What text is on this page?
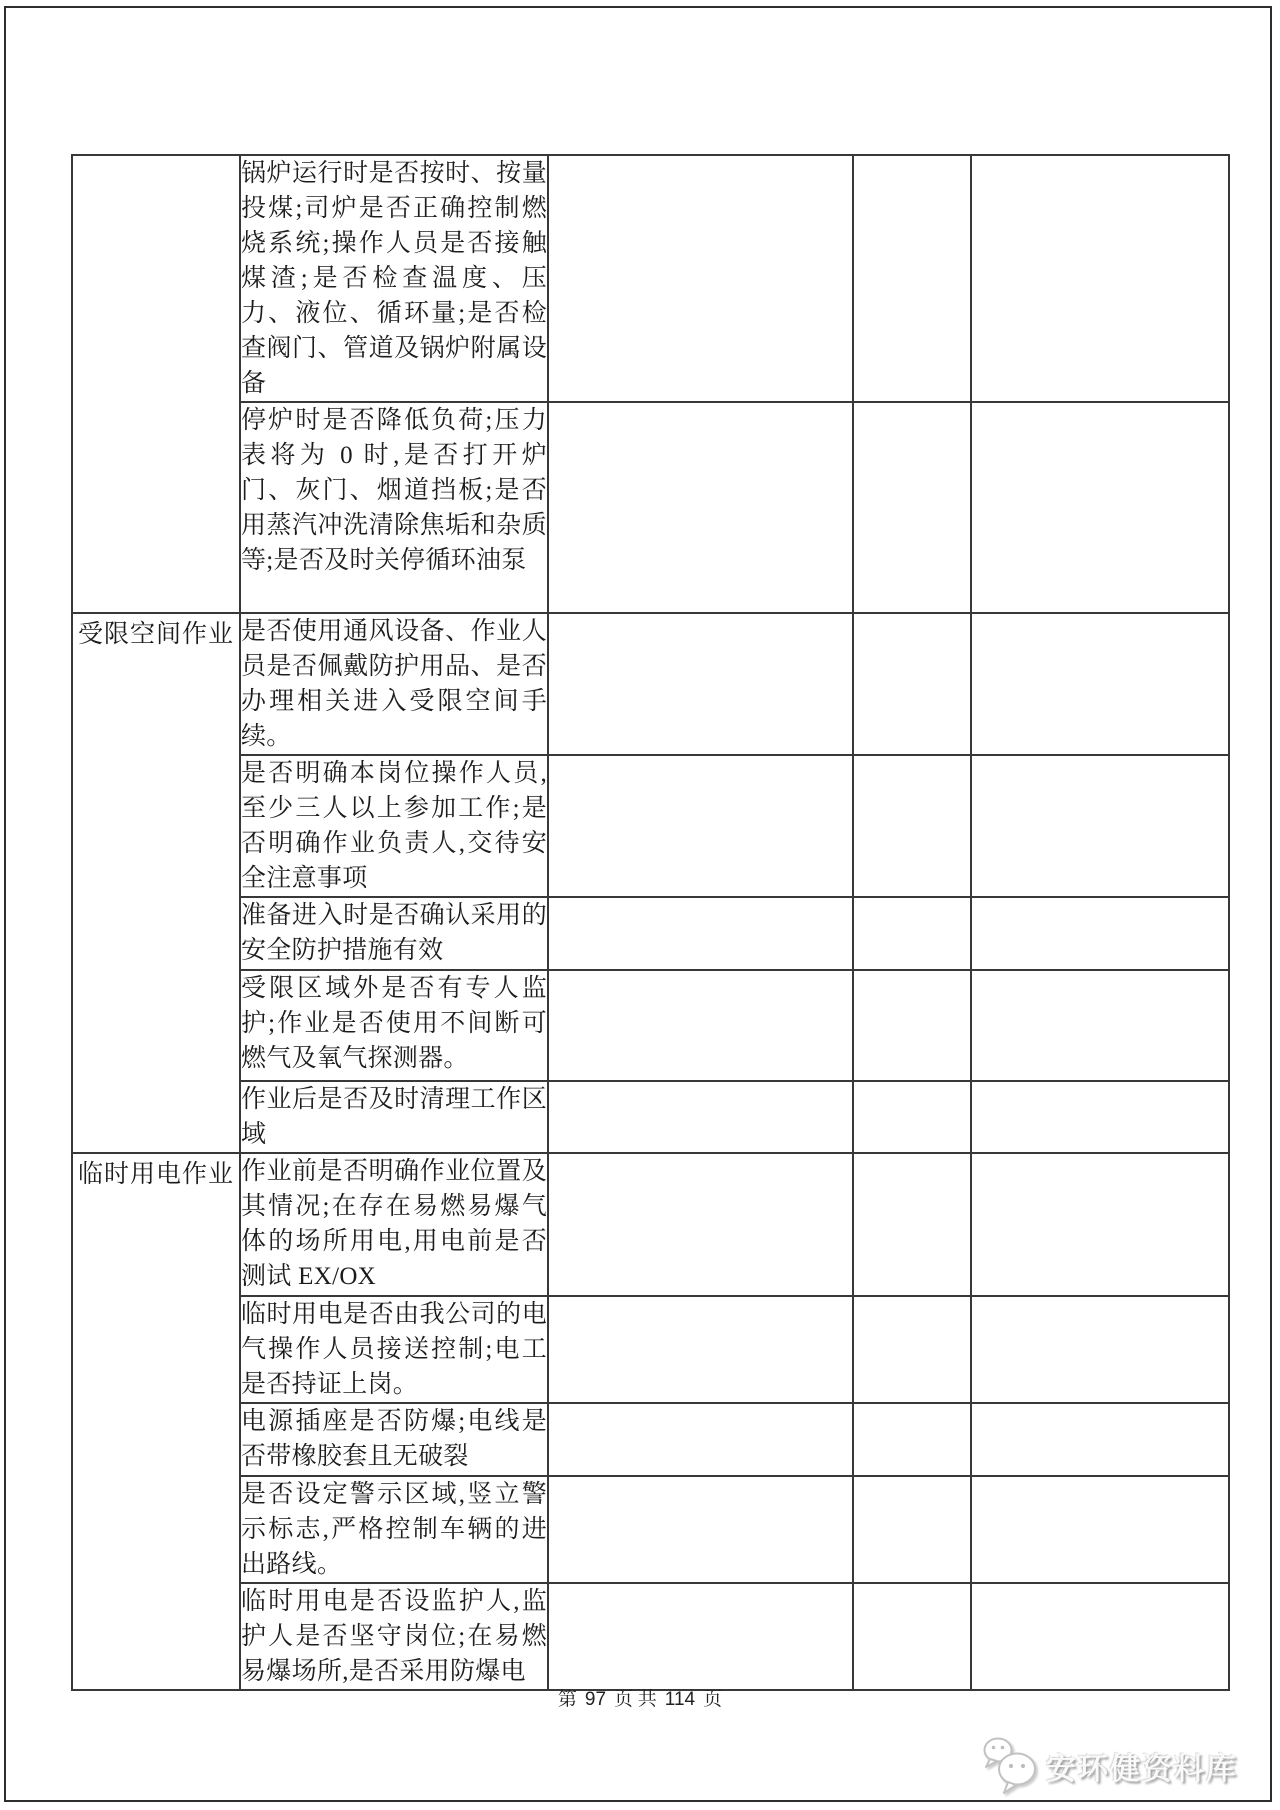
	锅炉运行时是否按时、按量投煤;司炉是否正确控制燃烧系统;操作人员是否接触煤渣;是否检查温度、压力、液位、循环量;是否检查阀门、管道及锅炉附属设备			
	停炉时是否降低负荷;压力表将为 0 时,是否打开炉门、灰门、烟道挡板;是否用蒸汽冲洗清除焦垢和杂质等;是否及时关停循环油泵			
受限空间作业	是否使用通风设备、作业人员是否佩戴防护用品、是否办理相关进入受限空间手续。			
	是否明确本岗位操作人员,至少三人以上参加工作;是否明确作业负责人,交待安全注意事项			
	准备进入时是否确认采用的安全防护措施有效			
	受限区域外是否有专人监护;作业是否使用不间断可燃气及氧气探测器。			
	作业后是否及时清理工作区域			
临时用电作业	作业前是否明确作业位置及其情况;在存在易燃易爆气体的场所用电,用电前是否测试 EX/OX			
	临时用电是否由我公司的电气操作人员接送控制;电工是否持证上岗。			
	电源插座是否防爆;电线是否带橡胶套且无破裂			
	是否设定警示区域,竖立警示标志,严格控制车辆的进出路线。			
	临时用电是否设监护人,监护人是否坚守岗位;在易燃易爆场所,是否采用防爆电			
第 97 页 共 114 页
安环健资料库
